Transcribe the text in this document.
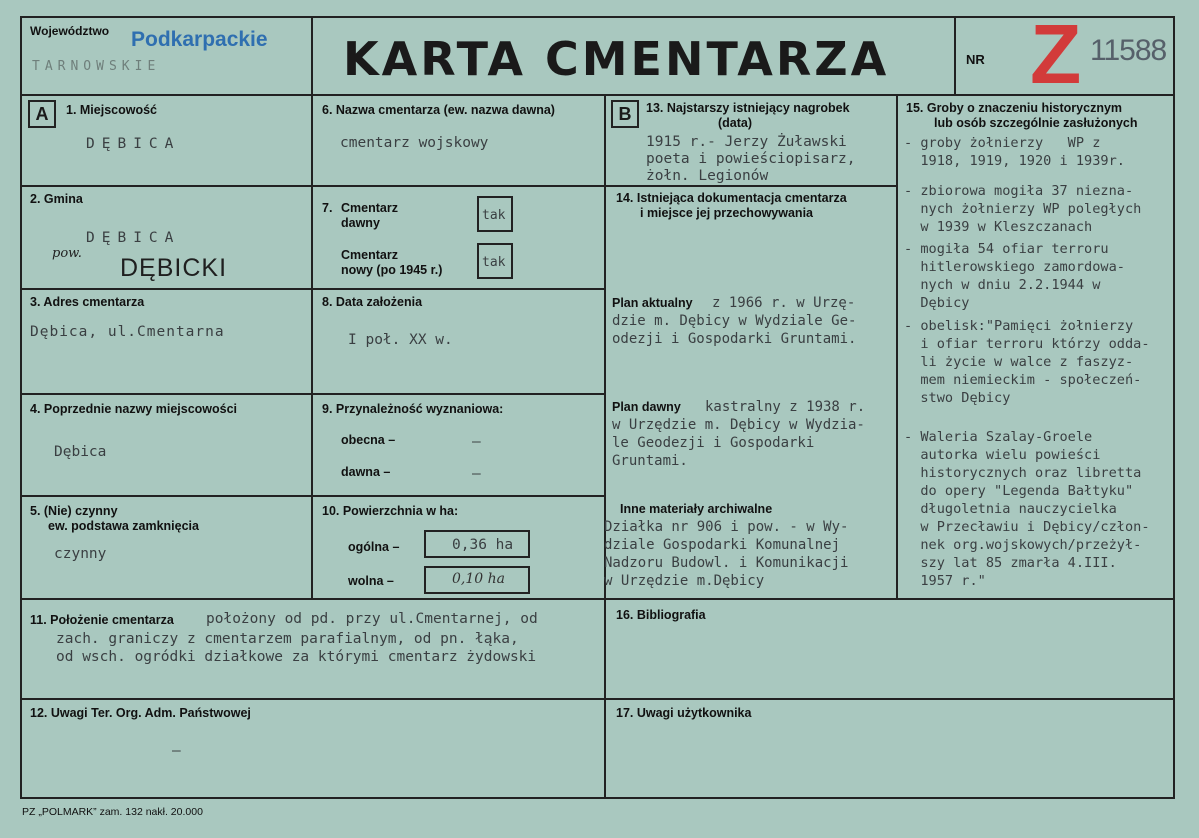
Województwo Podkarpackie
TARNOWSKIE	KARTA CMENTARZA	NR Z 11588
A	B
1. Miejscowość
DĘBICA
2. Gmina
DĘBICA
pow.
DĘBICKI
3. Adres cmentarza
Dębica, ul.Cmentarna
4. Poprzednie nazwy miejscowości
Dębica
5. (Nie) czynny
ew. podstawa zamknięcia
czynny
6. Nazwa cmentarza (ew. nazwa dawna)
cmentarz wojskowy
7. Cmentarz
dawny	tak
Cmentarz
nowy (po 1945 r.)	tak
8. Data założenia
I poł. XX w.
9. Przynależność wyznaniowa:
obecna –	–
dawna –	–
10. Powierzchnia w ha:
ogólna –	0,36 ha
wolna –	0,10 ha
11. Położenie cmentarza położony od pd. przy ul.Cmentarnej, od
zach. graniczy z cmentarzem parafialnym, od pn. łąka,
od wsch. ogródki działkowe za którymi cmentarz żydowski
12. Uwagi Ter. Org. Adm. Państwowej
–
13. Najstarszy istniejący nagrobek
(data)
1915 r.- Jerzy Żuławski
poeta i powieściopisarz,
żołn. Legionów
14. Istniejąca dokumentacja cmentarza
i miejsce jej przechowywania
Plan aktualny z 1966 r. w Urzę-
dzie m. Dębicy w Wydziale Ge-
odezji i Gospodarki Gruntami.
Plan dawny kastralny z 1938 r.
w Urzędzie m. Dębicy w Wydzia-
le Geodezji i Gospodarki
Gruntami.
Inne materiały archiwalne
Działka nr 906 i pow. - w Wy-
dziale Gospodarki Komunalnej
Nadzoru Budowl. i Komunikacji
w Urzędzie m.Dębicy
15. Groby o znaczeniu historycznym
lub osób szczególnie zasłużonych
- groby żołnierzy   WP z
1918, 1919, 1920 i 1939r.
- zbiorowa mogiła 37 niezna-
nych żołnierzy WP poległych
w 1939 w Kleszczanach
- mogiła 54 ofiar terroru
hitlerowskiego zamordowa-
nych w dniu 2.2.1944 w
Dębicy
- obelisk:"Pamięci żołnierzy
i ofiar terroru którzy odda-
li życie w walce z faszyz-
mem niemieckim - społeczeń-
stwo Dębicy
- Waleria Szalay-Groele
autorka wielu powieści
historycznych oraz libretta
do opery "Legenda Bałtyku"
długoletnia nauczycielka
w Przecławiu i Dębicy/człon-
nek org.wojskowych/przeżył-
szy lat 85 zmarła 4.III.
1957 r."
16. Bibliografia
17. Uwagi użytkownika
PZ „POLMARK” zam. 132 nakł. 20.000
